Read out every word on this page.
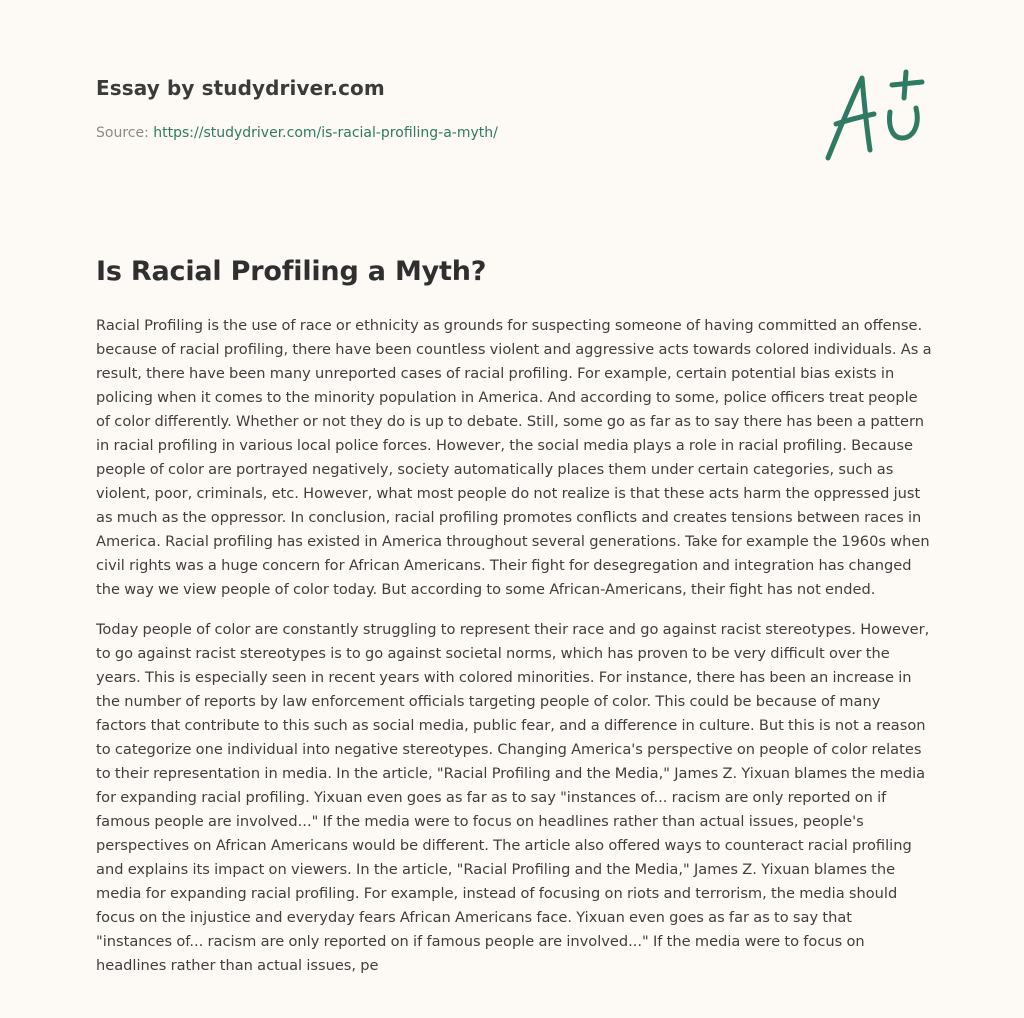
Essay by studydriver.com
Source: https://studydriver.com/is-racial-profiling-a-myth/
Is Racial Profiling a Myth?

Racial Profiling is the use of race or ethnicity as grounds for suspecting someone of having committed an offense. because of racial profiling, there have been countless violent and aggressive acts towards colored individuals. As a result, there have been many unreported cases of racial profiling. For example, certain potential bias exists in policing when it comes to the minority population in America. And according to some, police officers treat people of color differently. Whether or not they do is up to debate. Still, some go as far as to say there has been a pattern in racial profiling in various local police forces. However, the social media plays a role in racial profiling. Because people of color are portrayed negatively, society automatically places them under certain categories, such as violent, poor, criminals, etc. However, what most people do not realize is that these acts harm the oppressed just as much as the oppressor. In conclusion, racial profiling promotes conflicts and creates tensions between races in America. Racial profiling has existed in America throughout several generations. Take for example the 1960s when civil rights was a huge concern for African Americans. Their fight for desegregation and integration has changed the way we view people of color today. But according to some African-Americans, their fight has not ended.

Today people of color are constantly struggling to represent their race and go against racist stereotypes. However, to go against racist stereotypes is to go against societal norms, which has proven to be very difficult over the years. This is especially seen in recent years with colored minorities. For instance, there has been an increase in the number of reports by law enforcement officials targeting people of color. This could be because of many factors that contribute to this such as social media, public fear, and a difference in culture. But this is not a reason to categorize one individual into negative stereotypes. Changing America's perspective on people of color relates to their representation in media. In the article, "Racial Profiling and the Media," James Z. Yixuan blames the media for expanding racial profiling. Yixuan even goes as far as to say "instances of... racism are only reported on if famous people are involved..." If the media were to focus on headlines rather than actual issues, people's perspectives on African Americans would be different. The article also offered ways to counteract racial profiling and explains its impact on viewers. In the article, "Racial Profiling and the Media," James Z. Yixuan blames the media for expanding racial profiling. For example, instead of focusing on riots and terrorism, the media should focus on the injustice and everyday fears African Americans face. Yixuan even goes as far as to say that "instances of... racism are only reported on if famous people are involved..." If the media were to focus on headlines rather than actual issues, pe
